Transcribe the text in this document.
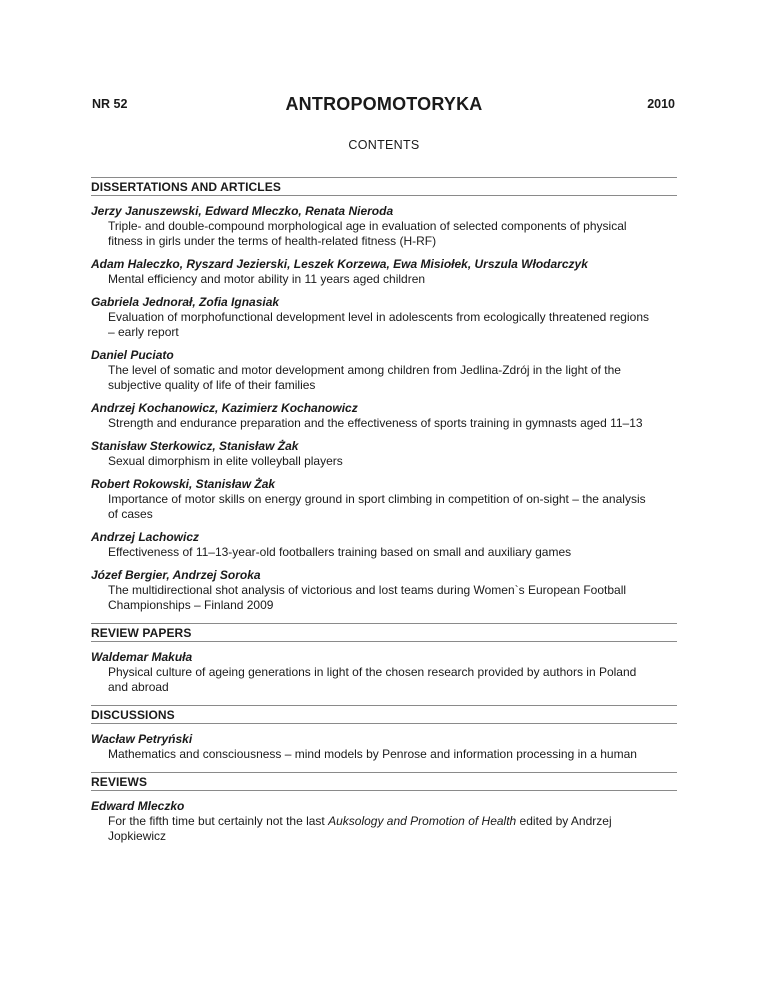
NR 52	ANTROPOMOTORYKA	2010
CONTENTS
DISSERTATIONS AND ARTICLES
Jerzy Januszewski, Edward Mleczko, Renata Nieroda
Triple- and double-compound morphological age in evaluation of selected components of physical fitness in girls under the terms of health-related fitness (H-RF)
Adam Haleczko, Ryszard Jezierski, Leszek Korzewa, Ewa Misiołek, Urszula Włodarczyk
Mental efficiency and motor ability in 11 years aged children
Gabriela Jednorał, Zofia Ignasiak
Evaluation of morphofunctional development level in adolescents from ecologically threatened regions – early report
Daniel Puciato
The level of somatic and motor development among children from Jedlina-Zdrój in the light of the subjective quality of life of their families
Andrzej Kochanowicz, Kazimierz Kochanowicz
Strength and endurance preparation and the effectiveness of sports training in gymnasts aged 11–13
Stanisław Sterkowicz, Stanisław Żak
Sexual dimorphism in elite volleyball players
Robert Rokowski, Stanisław Żak
Importance of motor skills on energy ground in sport climbing in competition of on-sight – the analysis of cases
Andrzej Lachowicz
Effectiveness of 11–13-year-old footballers training based on small and auxiliary games
Józef Bergier, Andrzej Soroka
The multidirectional shot analysis of victorious and lost teams during Women`s European Football Championships – Finland 2009
REVIEW PAPERS
Waldemar Makuła
Physical culture of ageing generations in light of the chosen research provided by authors in Poland and abroad
DISCUSSIONS
Wacław Petryński
Mathematics and consciousness – mind models by Penrose and information processing in a human
REVIEWS
Edward Mleczko
For the fifth time but certainly not the last Auksology and Promotion of Health edited by Andrzej Jopkiewicz
